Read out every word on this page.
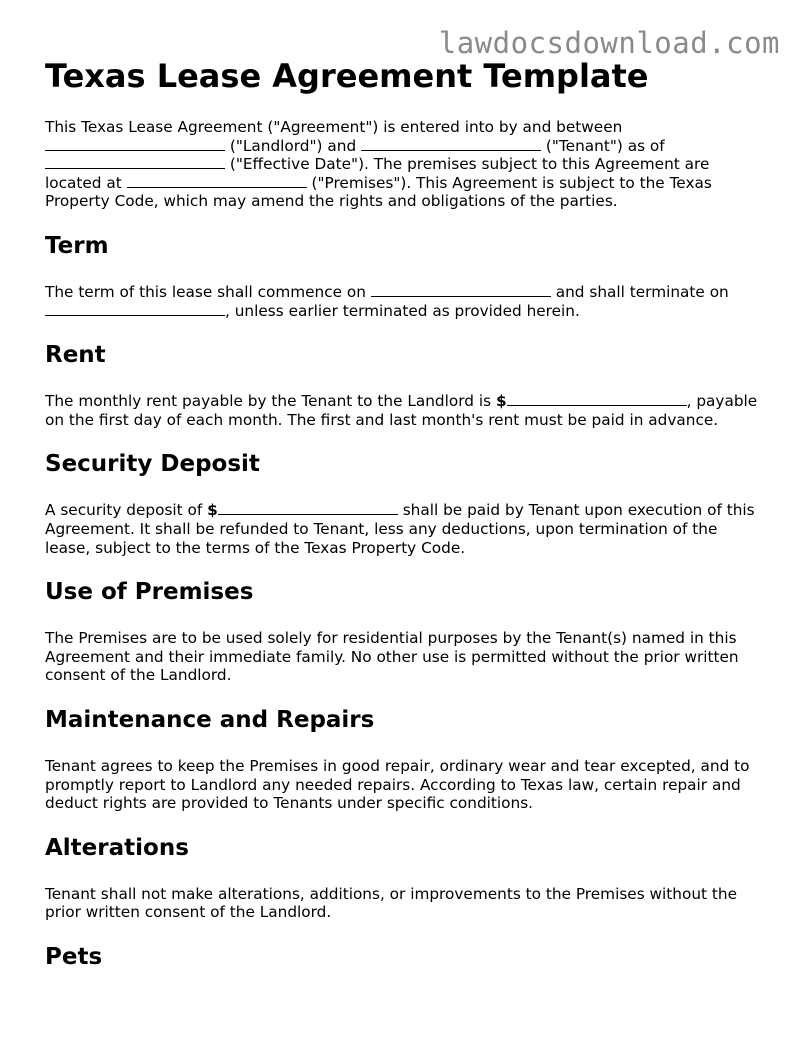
lawdocsdownload.com
Texas Lease Agreement Template

This Texas Lease Agreement ("Agreement") is entered into by and between  ("Landlord") and	("Tenant") as of  ("Effective Date"). The premises subject to this Agreement are located at	("Premises"). This Agreement is subject to the Texas Property Code, which may amend the rights and obligations of the parties.

Term

The term of this lease shall commence on	and shall terminate on , unless earlier terminated as provided herein.

Rent

The monthly rent payable by the Tenant to the Landlord is $	, payable on the first day of each month. The first and last month's rent must be paid in advance.

Security Deposit

A security deposit of $	shall be paid by Tenant upon execution of this Agreement. It shall be refunded to Tenant, less any deductions, upon termination of the lease, subject to the terms of the Texas Property Code.

Use of Premises

The Premises are to be used solely for residential purposes by the Tenant(s) named in this Agreement and their immediate family. No other use is permitted without the prior written consent of the Landlord.

Maintenance and Repairs

Tenant agrees to keep the Premises in good repair, ordinary wear and tear excepted, and to promptly report to Landlord any needed repairs. According to Texas law, certain repair and deduct rights are provided to Tenants under specific conditions.

Alterations

Tenant shall not make alterations, additions, or improvements to the Premises without the prior written consent of the Landlord.

Pets
